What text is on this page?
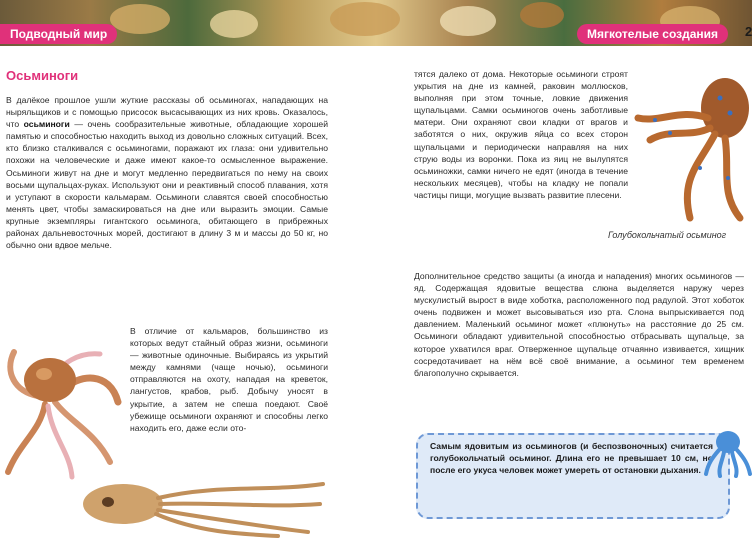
Подводный мир	Мягкотелые создания	2
Осьминоги
В далёкое прошлое ушли жуткие рассказы об осьминогах, нападающих на ныряльщиков и с помощью присосок высасывающих из них кровь. Оказалось, что осьминоги — очень сообразительные животные, обладающие хорошей памятью и способностью находить выход из довольно сложных ситуаций. Всех, кто близко сталкивался с осьминогами, поражают их глаза: они удивительно похожи на человеческие и даже имеют какое-то осмысленное выражение. Осьминоги живут на дне и могут медленно передвигаться по нему на своих восьми щупальцах-руках. Используют они и реактивный способ плавания, хотя и уступают в скорости кальмарам. Осьминоги славятся своей способностью менять цвет, чтобы замаскироваться на дне или выразить эмоции. Самые крупные экземпляры гигантского осьминога, обитающего в прибрежных районах дальневосточных морей, достигают в длину 3 м и массы до 50 кг, но обычно они вдвое мельче.
В отличие от кальмаров, большинство из которых ведут стайный образ жизни, осьминоги — животные одиночные. Выбираясь из укрытий между камнями (чаще ночью), осьминоги отправляются на охоту, нападая на креветок, лангустов, крабов, рыб. Добычу уносят в укрытие, а затем не спеша поедают. Своё убежище осьминоги охраняют и способны легко находить его, даже если ото-
тятся далеко от дома. Некоторые осьминоги строят укрытия на дне из камней, раковин моллюсков, выполняя при этом точные, ловкие движения щупальцами. Самки осьминогов очень заботливые матери. Они охраняют свои кладки от врагов и заботятся о них, окружив яйца со всех сторон щупальцами и периодически направляя на них струю воды из воронки. Пока из яиц не вылупятся осьминожки, самки ничего не едят (иногда в течение нескольких месяцев), чтобы на кладку не попали частицы пищи, могущие вызвать развитие плесени.
Голубокольчатый осьминог
Дополнительное средство защиты (а иногда и нападения) многих осьминогов — яд. Содержащая ядовитые вещества слюна выделяется наружу через мускулистый вырост в виде хоботка, расположенного под радулой. Этот хоботок очень подвижен и может высовываться изо рта. Слона выпрыскивается под давлением. Маленький осьминог может «плюнуть» на расстояние до 25 см. Осьминоги обладают удивительной способностью отбрасывать щупальце, за которое ухватился враг. Отверженное щупальце отчаянно извивается, хищник сосредотачивает на нём всё своё внимание, а осьминог тем временем благополучно скрывается.
Самым ядовитым из осьминогов (и беспозвоночных) считается голубокольчатый осьминог. Длина его не превышает 10 см, но после его укуса человек может умереть от остановки дыхания.
